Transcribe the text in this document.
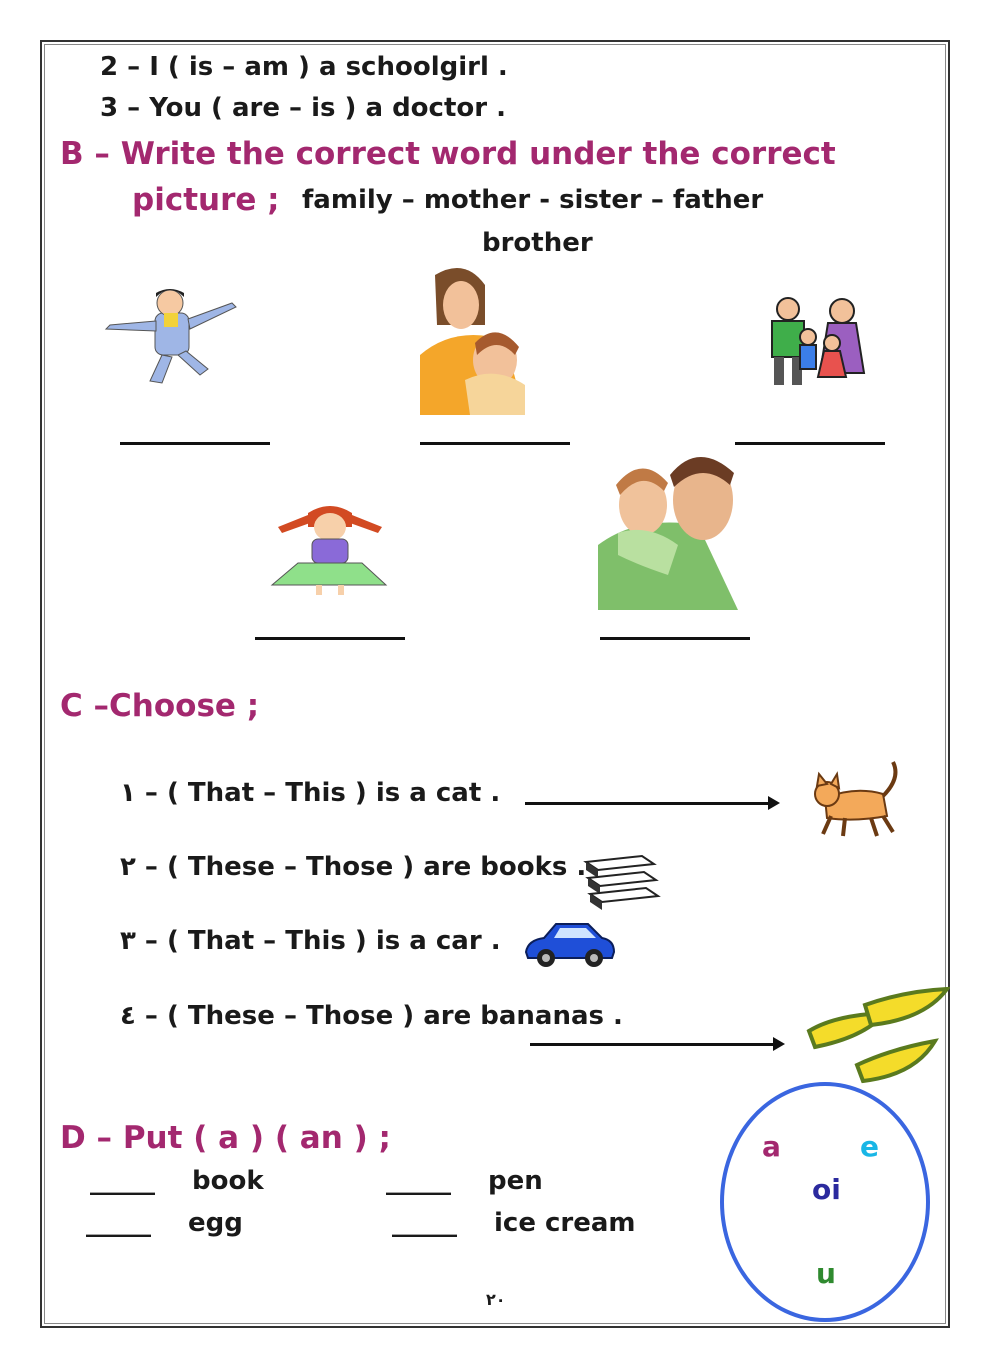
2 – I ( is – am ) a schoolgirl .
3 – You ( are – is ) a doctor .
B – Write the correct word under the correct
picture ; family – mother - sister – father
brother
C –Choose ;
١ – ( That – This ) is a cat .
٢ – ( These – Those ) are books .
٣ – ( That – This ) is a car .
٤ – ( These – Those ) are bananas .
D – Put ( a ) ( an ) ;
_____ book	_____ pen
_____ egg	_____ ice cream
a	e
oi
u
٢٠
